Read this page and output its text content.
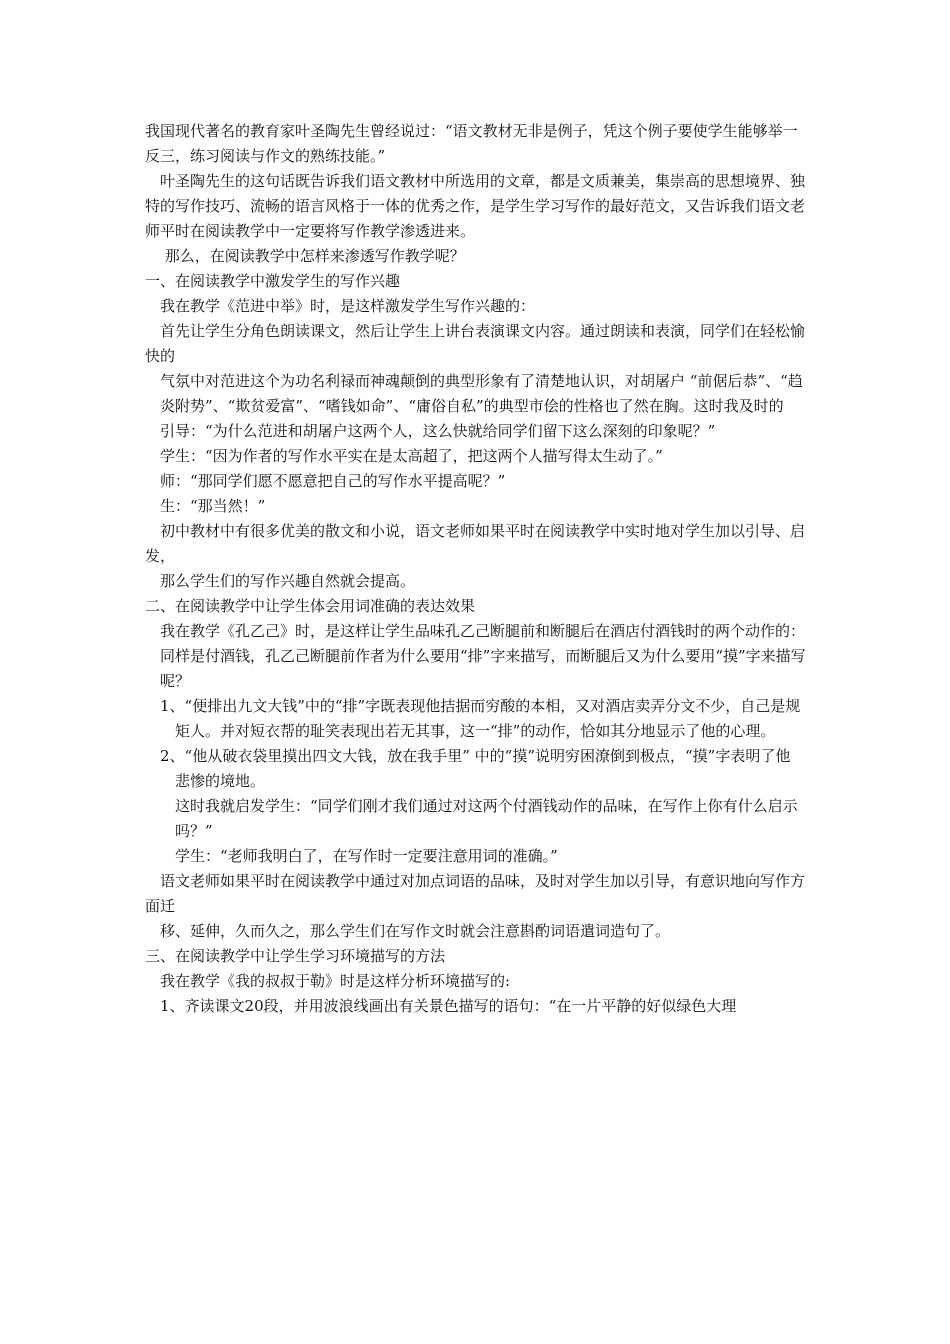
我国现代著名的教育家叶圣陶先生曾经说过：“语文教材无非是例子，凭这个例子要使学生能够举一反三，练习阅读与作文的熟练技能。”

　叶圣陶先生的这句话既告诉我们语文教材中所选用的文章，都是文质兼美，集崇高的思想境界、独特的写作技巧、流畅的语言风格于一体的优秀之作，是学生学习写作的最好范文，又告诉我们语文老师平时在阅读教学中一定要将写作教学渗透进来。

　 那么，在阅读教学中怎样来渗透写作教学呢？

一、在阅读教学中激发学生的写作兴趣

　我在教学《范进中举》时，是这样激发学生写作兴趣的：

　首先让学生分角色朗读课文，然后让学生上讲台表演课文内容。通过朗读和表演，同学们在轻松愉快的

　气氛中对范进这个为功名利禄而神魂颠倒的典型形象有了清楚地认识，对胡屠户 “前倨后恭”、“趋

　炎附势”、“欺贫爱富”、“嗜钱如命”、“庸俗自私”的典型市侩的性格也了然在胸。这时我及时的

　引导：“为什么范进和胡屠户这两个人，这么快就给同学们留下这么深刻的印象呢？”

　学生：“因为作者的写作水平实在是太高超了，把这两个人描写得太生动了。”

　师：“那同学们愿不愿意把自己的写作水平提高呢？”

　生：“那当然！”

　初中教材中有很多优美的散文和小说，语文老师如果平时在阅读教学中实时地对学生加以引导、启发，

　那么学生们的写作兴趣自然就会提高。

二、在阅读教学中让学生体会用词准确的表达效果

　我在教学《孔乙己》时，是这样让学生品味孔乙己断腿前和断腿后在酒店付酒钱时的两个动作的：

　同样是付酒钱，孔乙己断腿前作者为什么要用“排”字来描写，而断腿后又为什么要用“摸”字来描写

　呢？

　1、“便排出九文大钱”中的“排”字既表现他拮据而穷酸的本相，又对酒店卖弄分文不少，自己是规

　　矩人。并对短衣帮的耻笑表现出若无其事，这一“排”的动作，恰如其分地显示了他的心理。

　2、“他从破衣袋里摸出四文大钱，放在我手里” 中的“摸”说明穷困潦倒到极点，“摸”字表明了他

　　悲惨的境地。

　　这时我就启发学生：“同学们刚才我们通过对这两个付酒钱动作的品味，在写作上你有什么启示

　　吗？”

　　学生：“老师我明白了，在写作时一定要注意用词的准确。”

　语文老师如果平时在阅读教学中通过对加点词语的品味，及时对学生加以引导，有意识地向写作方面迁

　移、延伸，久而久之，那么学生们在写作文时就会注意斟酌词语遣词造句了。

三、在阅读教学中让学生学习环境描写的方法

　我在教学《我的叔叔于勒》时是这样分析环境描写的:

　1、齐读课文20段，并用波浪线画出有关景色描写的语句：“在一片平静的好似绿色大理
